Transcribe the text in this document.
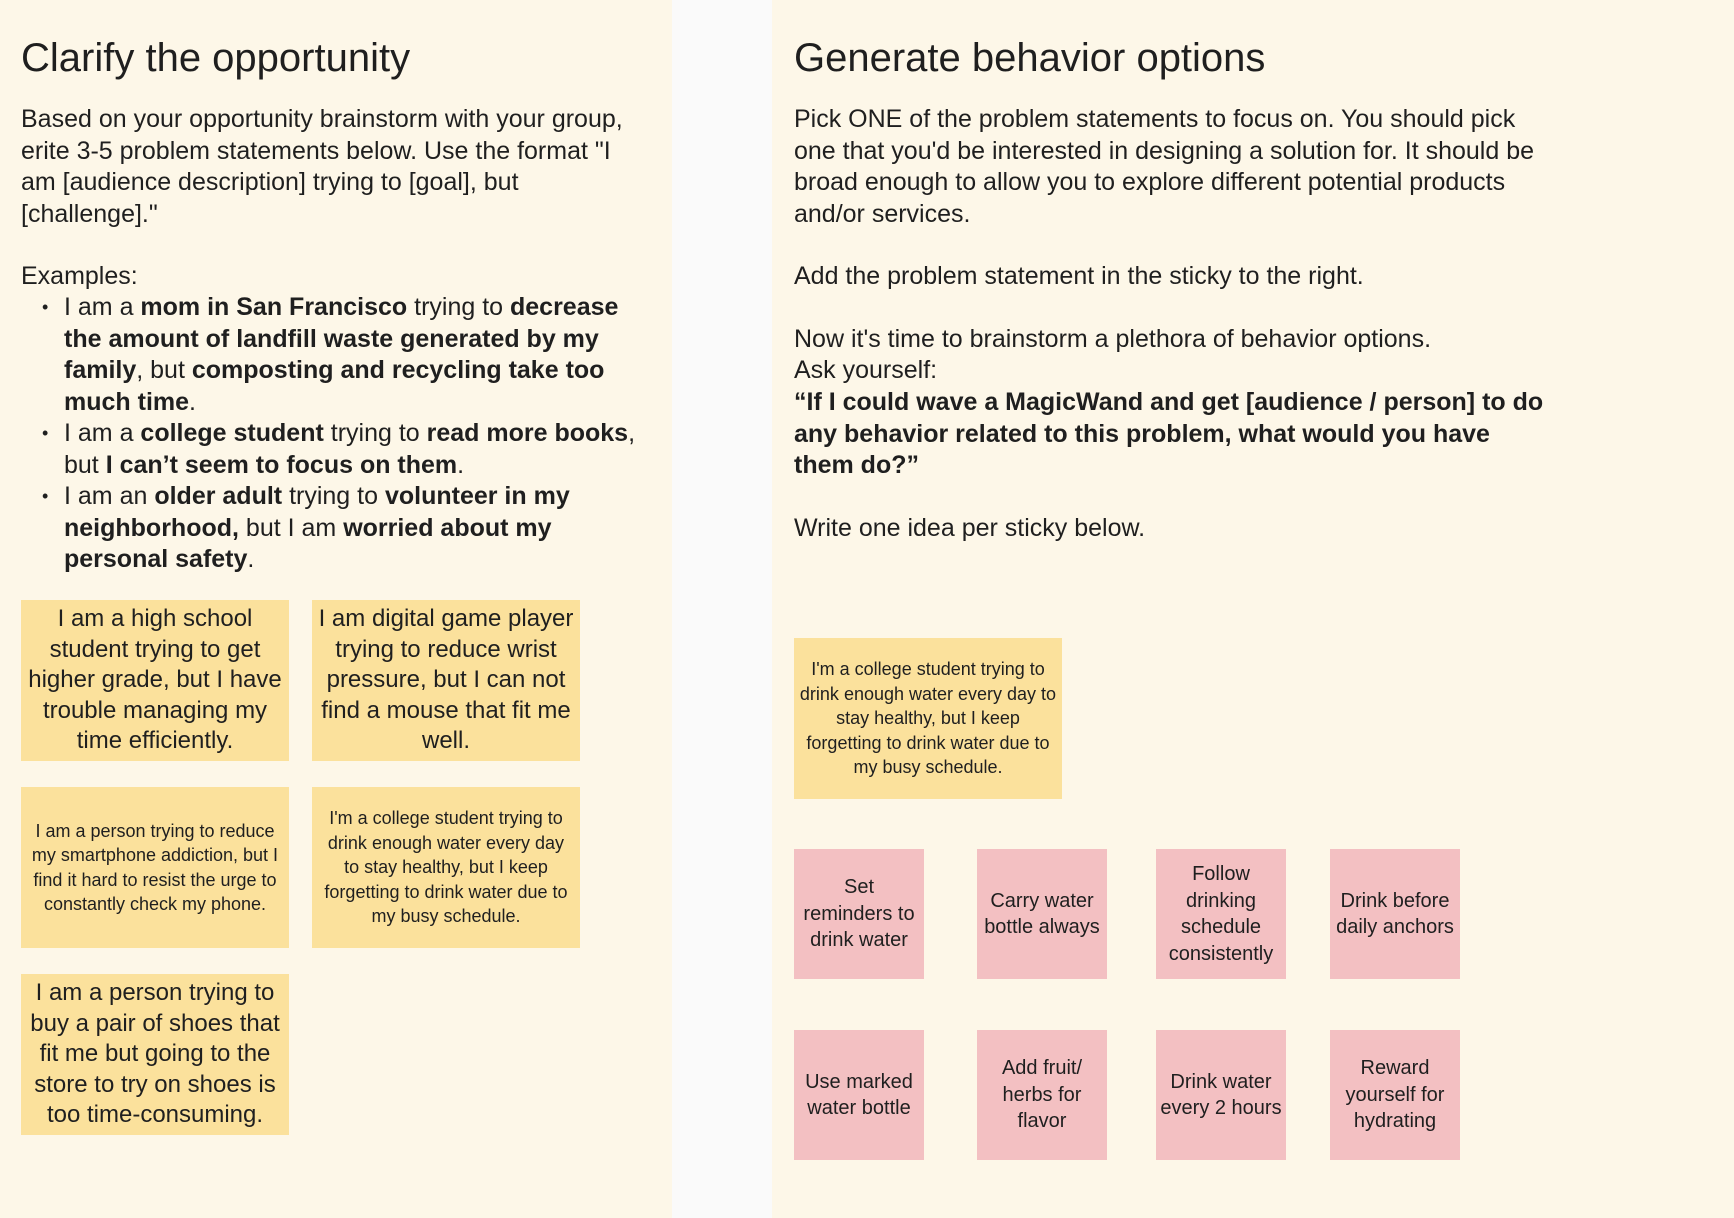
Clarify the opportunity

Based on your opportunity brainstorm with your group, erite 3-5 problem statements below. Use the format "I am [audience description] trying to [goal], but [challenge]."

Examples:

• I am a mom in San Francisco trying to decrease the amount of landfill waste generated by my family, but composting and recycling take too much time.
• I am a college student trying to read more books, but I can’t seem to focus on them.
• I am an older adult trying to volunteer in my neighborhood, but I am worried about my personal safety.
I am a high school student trying to get higher grade, but I have trouble managing my time efficiently.
I am digital game player trying to reduce wrist pressure, but I can not find a mouse that fit me well.
I am a person trying to reduce my smartphone addiction, but I find it hard to resist the urge to constantly check my phone.
I'm a college student trying to drink enough water every day to stay healthy, but I keep forgetting to drink water due to my busy schedule.
I am a person trying to buy a pair of shoes that fit me but going to the store to try on shoes is too time-consuming.
Generate behavior options

Pick ONE of the problem statements to focus on. You should pick one that you'd be interested in designing a solution for. It should be broad enough to allow you to explore different potential products and/or services.

Add the problem statement in the sticky to the right.

Now it's time to brainstorm a plethora of behavior options.

Ask yourself:

“If I could wave a MagicWand and get [audience / person] to do any behavior related to this problem, what would you have them do?”

Write one idea per sticky below.

I'm a college student trying to drink enough water every day to stay healthy, but I keep forgetting to drink water due to my busy schedule.
Set reminders to drink water
Carry water bottle always
Follow drinking schedule consistently
Drink before daily anchors
Use marked water bottle
Add fruit/ herbs for flavor
Drink water every 2 hours
Reward yourself for hydrating
